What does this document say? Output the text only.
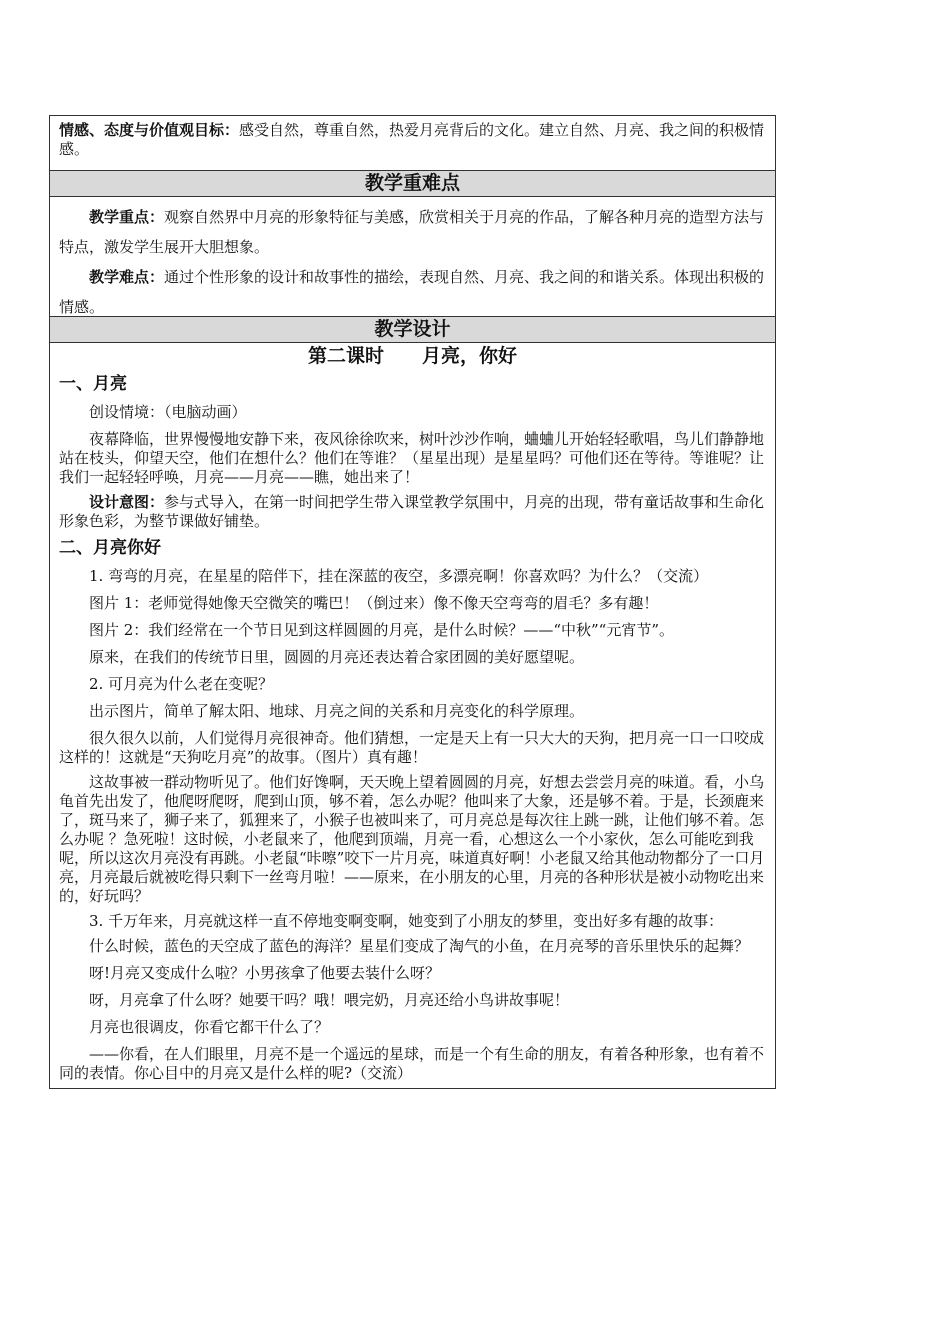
情感、态度与价值观目标：感受自然，尊重自然，热爱月亮背后的文化。建立自然、月亮、我之间的积极情感。

教学重难点

教学重点：观察自然界中月亮的形象特征与美感，欣赏相关于月亮的作品，了解各种月亮的造型方法与特点，激发学生展开大胆想象。

教学难点：通过个性形象的设计和故事性的描绘，表现自然、月亮、我之间的和谐关系。体现出积极的情感。

教学设计

第二课时　　月亮，你好

一、月亮

创设情境：（电脑动画）

夜幕降临，世界慢慢地安静下来，夜风徐徐吹来，树叶沙沙作响，蛐蛐儿开始轻轻歌唱，鸟儿们静静地站在枝头，仰望天空，他们在想什么？他们在等谁？（星星出现）是星星吗？可他们还在等待。等谁呢？让我们一起轻轻呼唤，月亮——月亮——瞧，她出来了！

设计意图：参与式导入，在第一时间把学生带入课堂教学氛围中，月亮的出现，带有童话故事和生命化形象色彩，为整节课做好铺垫。

二、月亮你好

1. 弯弯的月亮，在星星的陪伴下，挂在深蓝的夜空，多漂亮啊！你喜欢吗？为什么？（交流）

图片 1：老师觉得她像天空微笑的嘴巴！（倒过来）像不像天空弯弯的眉毛？多有趣！

图片 2：我们经常在一个节日见到这样圆圆的月亮，是什么时候？——“中秋”“元宵节”。

原来，在我们的传统节日里，圆圆的月亮还表达着合家团圆的美好愿望呢。

2. 可月亮为什么老在变呢？

出示图片，简单了解太阳、地球、月亮之间的关系和月亮变化的科学原理。

很久很久以前，人们觉得月亮很神奇。他们猜想，一定是天上有一只大大的天狗，把月亮一口一口咬成这样的！这就是“天狗吃月亮”的故事。（图片）真有趣！

这故事被一群动物听见了。他们好馋啊，天天晚上望着圆圆的月亮，好想去尝尝月亮的味道。看，小乌龟首先出发了，他爬呀爬呀，爬到山顶，够不着，怎么办呢？他叫来了大象，还是够不着。于是，长颈鹿来了，斑马来了，狮子来了，狐狸来了，小猴子也被叫来了，可月亮总是每次往上跳一跳，让他们够不着。怎么办呢 ？急死啦！这时候，小老鼠来了，他爬到顶端，月亮一看，心想这么一个小家伙，怎么可能吃到我呢，所以这次月亮没有再跳。小老鼠“咔嚓”咬下一片月亮，味道真好啊！小老鼠又给其他动物都分了一口月亮，月亮最后就被吃得只剩下一丝弯月啦！——原来，在小朋友的心里，月亮的各种形状是被小动物吃出来的，好玩吗？

3. 千万年来，月亮就这样一直不停地变啊变啊，她变到了小朋友的梦里，变出好多有趣的故事：

什么时候，蓝色的天空成了蓝色的海洋？星星们变成了淘气的小鱼，在月亮琴的音乐里快乐的起舞？

呀!月亮又变成什么啦？小男孩拿了他要去装什么呀？

呀，月亮拿了什么呀？她要干吗？哦！喂完奶，月亮还给小鸟讲故事呢！

月亮也很调皮，你看它都干什么了？

——你看，在人们眼里，月亮不是一个遥远的星球，而是一个有生命的朋友，有着各种形象，也有着不同的表情。你心目中的月亮又是什么样的呢?（交流）
